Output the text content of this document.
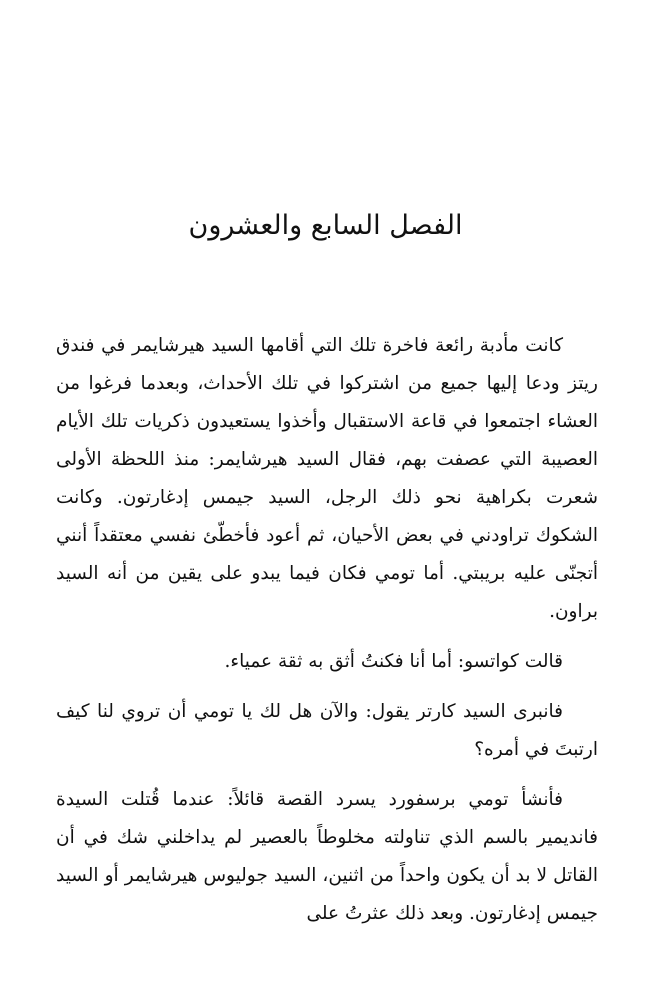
الفصل السابع والعشرون

كانت مأدبة رائعة فاخرة تلك التي أقامها السيد هيرشايمر في فندق ريتز ودعا إليها جميع من اشتركوا في تلك الأحداث، وبعدما فرغوا من العشاء اجتمعوا في قاعة الاستقبال وأخذوا يستعيدون ذكريات تلك الأيام العصيبة التي عصفت بهم، فقال السيد هيرشايمر: منذ اللحظة الأولى شعرت بكراهية نحو ذلك الرجل، السيد جيمس إدغارتون. وكانت الشكوك تراودني في بعض الأحيان، ثم أعود فأخطّئ نفسي معتقداً أنني أتجنّى عليه بريبتي. أما تومي فكان فيما يبدو على يقين من أنه السيد براون.

قالت كواتسو: أما أنا فكنتُ أثق به ثقة عمياء.

فانبرى السيد كارتر يقول: والآن هل لك يا تومي أن تروي لنا كيف ارتبتَ في أمره؟

فأنشأ تومي برسفورد يسرد القصة قائلاً: عندما قُتلت السيدة فانديمير بالسم الذي تناولته مخلوطاً بالعصير لم يداخلني شك في أن القاتل لا بد أن يكون واحداً من اثنين، السيد جوليوس هيرشايمر أو السيد جيمس إدغارتون. وبعد ذلك عثرتُ على
